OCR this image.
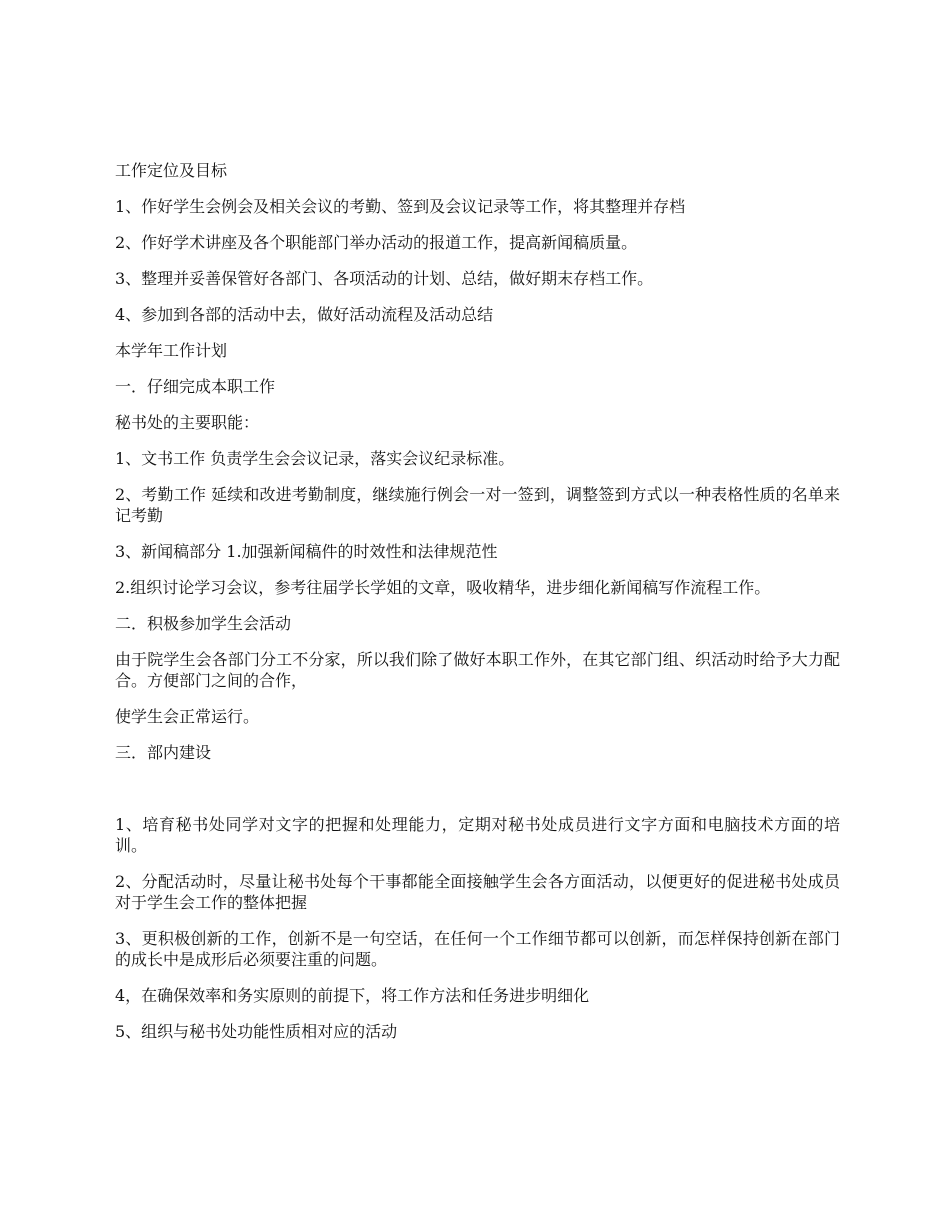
工作定位及目标

1、作好学生会例会及相关会议的考勤、签到及会议记录等工作，将其整理并存档

2、作好学术讲座及各个职能部门举办活动的报道工作，提高新闻稿质量。

3、整理并妥善保管好各部门、各项活动的计划、总结，做好期末存档工作。

4、参加到各部的活动中去，做好活动流程及活动总结

本学年工作计划

一．仔细完成本职工作

秘书处的主要职能：

1、文书工作 负责学生会会议记录，落实会议纪录标准。

2、考勤工作 延续和改进考勤制度，继续施行例会一对一签到，调整签到方式以一种表格性质的名单来记考勤

3、新闻稿部分 1.加强新闻稿件的时效性和法律规范性

2.组织讨论学习会议，参考往届学长学姐的文章，吸收精华，进步细化新闻稿写作流程工作。

二．积极参加学生会活动

由于院学生会各部门分工不分家，所以我们除了做好本职工作外，在其它部门组、织活动时给予大力配合。方便部门之间的合作，

使学生会正常运行。

三．部内建设

1、培育秘书处同学对文字的把握和处理能力，定期对秘书处成员进行文字方面和电脑技术方面的培训。

2、分配活动时，尽量让秘书处每个干事都能全面接触学生会各方面活动，以便更好的促进秘书处成员对于学生会工作的整体把握

3、更积极创新的工作，创新不是一句空话，在任何一个工作细节都可以创新，而怎样保持创新在部门的成长中是成形后必须要注重的问题。

4，在确保效率和务实原则的前提下，将工作方法和任务进步明细化

5、组织与秘书处功能性质相对应的活动
